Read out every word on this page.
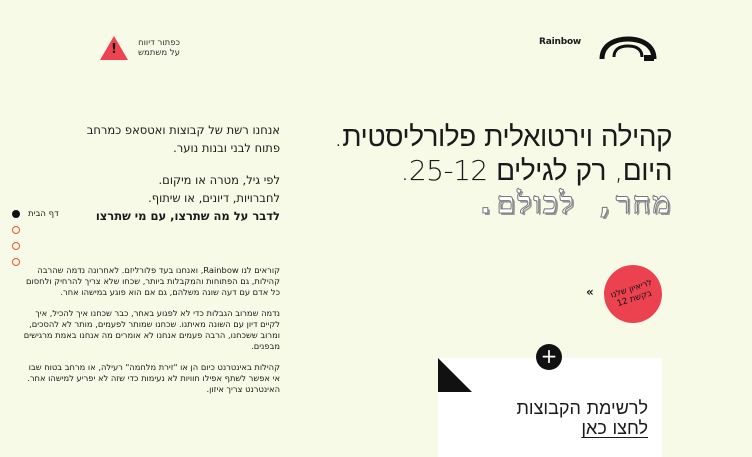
!	כפתור דיווח על משתמש
Rainbow
קהילה וירטואלית פלורליסטית.
היום, רק לגילים 25-12.
מחר, לכולם.

אנחנו רשת של קבוצות ואטסאפ כמרחב פתוח לבני ובנות נוער.

לפי גיל, מטרה או מיקום.
לחברויות, דיונים, או שיתוף.
לדבר על מה שתרצו, עם מי שתרצו

דף הבית

קוראים לנו Rainbow, ואנחנו בעד פלורליזם. לאחרונה נדמה שהרבה קהילות, גם הפתוחות והמקבלות ביותר, שכחו שלא צריך להרחיק ולחסום כל אדם עם דעה שונה משלהם, גם אם הוא פוגע במישהו אחר.

נדמה שמרוב הגבלות כדי לא לפגוע באחר, כבר שכחנו איך להכיל, איך לקיים דיון עם השונה מאיתנו. שכחנו שמותר לפעמים, מותר לא להסכים, ומרוב ששכחנו, הרבה פעמים אנחנו לא אומרים מה אנחנו באמת מרגישים מבפנים.

קהילות באינטרנט כיום הן או "זירת מלחמה" רעילה, או מרחב בטוח שבו אי אפשר לשתף אפילו חוויות לא נעימות כדי שזה לא יפריע למישהו אחר. האינטרנט צריך איזון.

« לריאיון שלנו בקשת 12
לרשימת הקבוצות
לחצו כאן
+
